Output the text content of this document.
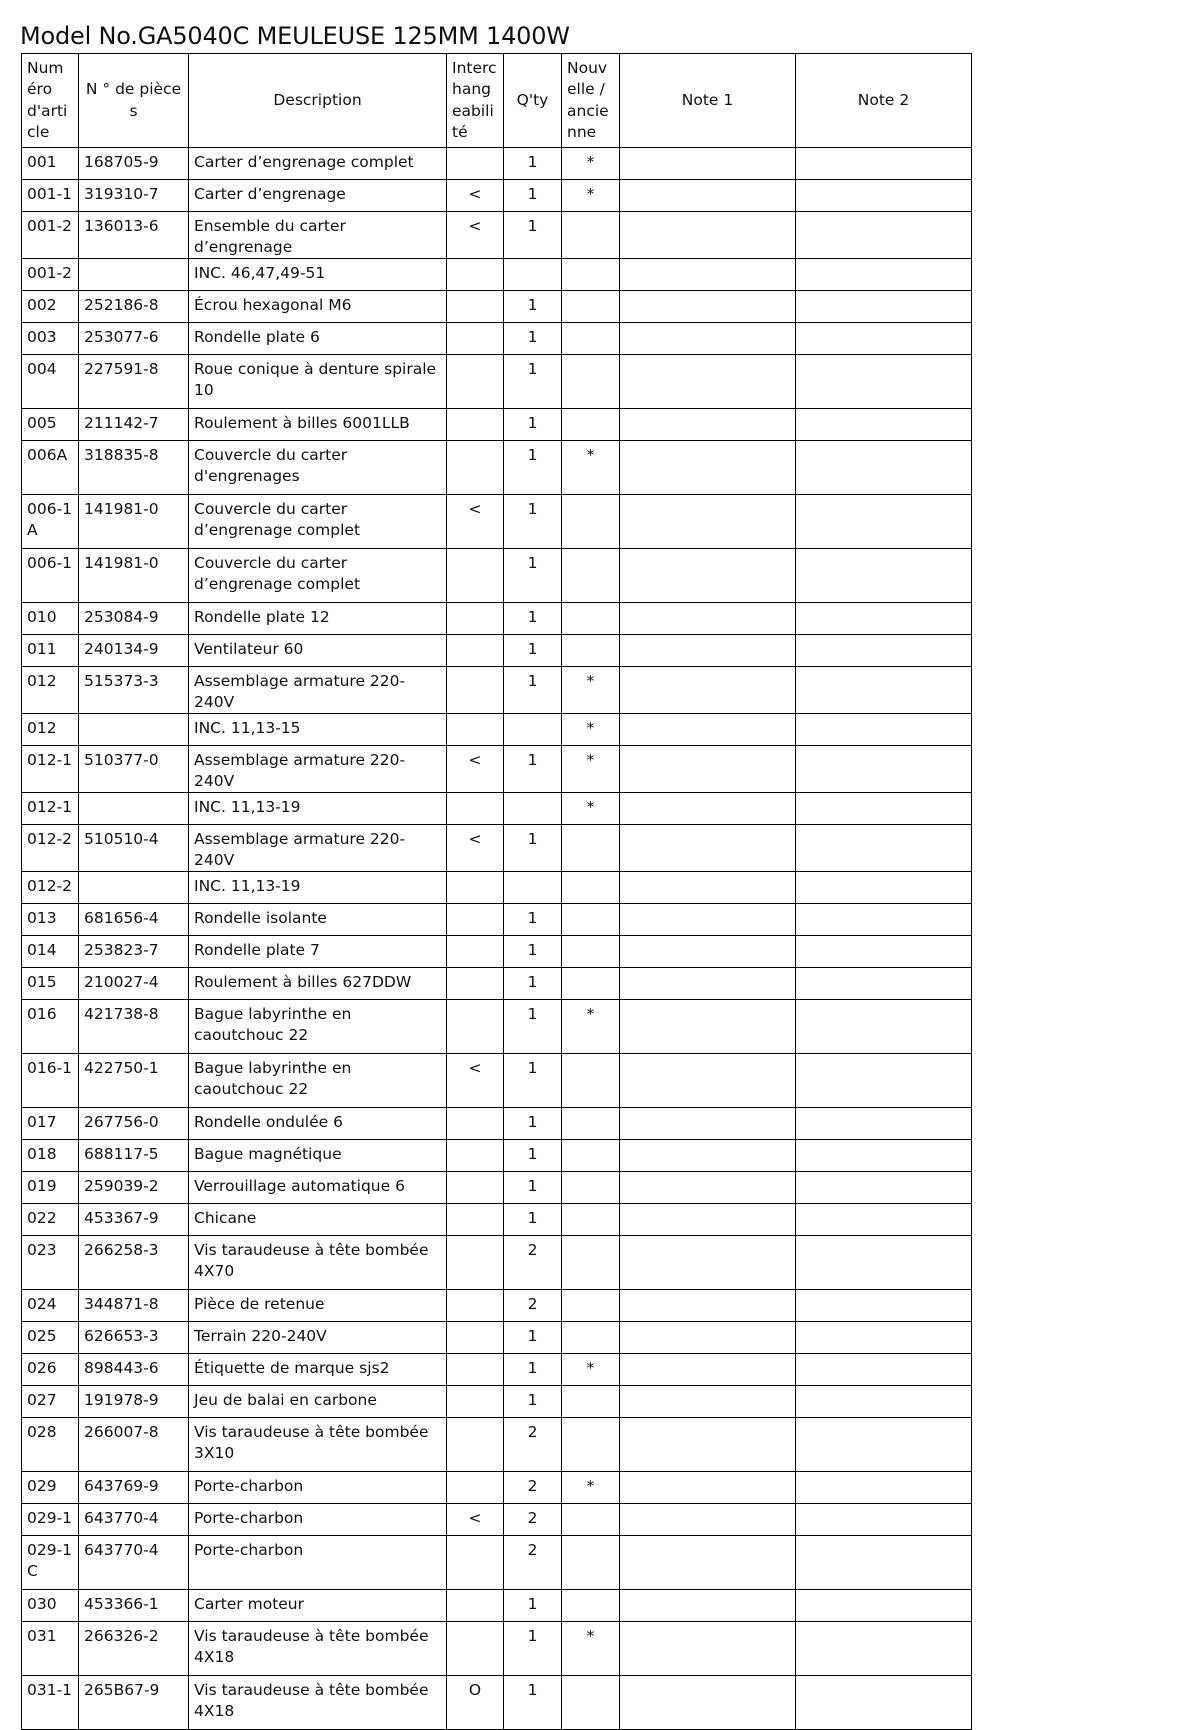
Model No.GA5040C MEULEUSE 125MM 1400W
Numéro d'article	N ° de pièces	Description	Interchangeabilité	Q'ty	Nouvelle / ancienne	Note 1	Note 2
001	168705-9	Carter d’engrenage complet		1	*		
001-1	319310-7	Carter d’engrenage	<	1	*		
001-2	136013-6	Ensemble du carter d’engrenage	<	1			
001-2		INC. 46,47,49-51					
002	252186-8	Écrou hexagonal M6		1			
003	253077-6	Rondelle plate 6		1			
004	227591-8	Roue conique à denture spirale 10		1			
005	211142-7	Roulement à billes 6001LLB		1			
006A	318835-8	Couvercle du carter d'engrenages		1	*		
006-1A	141981-0	Couvercle du carter d’engrenage complet	<	1			
006-1	141981-0	Couvercle du carter d’engrenage complet		1			
010	253084-9	Rondelle plate 12		1			
011	240134-9	Ventilateur 60		1			
012	515373-3	Assemblage armature 220-240V		1	*		
012		INC. 11,13-15			*		
012-1	510377-0	Assemblage armature 220-240V	<	1	*		
012-1		INC. 11,13-19			*		
012-2	510510-4	Assemblage armature 220-240V	<	1			
012-2		INC. 11,13-19					
013	681656-4	Rondelle isolante		1			
014	253823-7	Rondelle plate 7		1			
015	210027-4	Roulement à billes 627DDW		1			
016	421738-8	Bague labyrinthe en caoutchouc 22		1	*		
016-1	422750-1	Bague labyrinthe en caoutchouc 22	<	1			
017	267756-0	Rondelle ondulée 6		1			
018	688117-5	Bague magnétique		1			
019	259039-2	Verrouillage automatique 6		1			
022	453367-9	Chicane		1			
023	266258-3	Vis taraudeuse à tête bombée 4X70		2			
024	344871-8	Pièce de retenue		2			
025	626653-3	Terrain 220-240V		1			
026	898443-6	Étiquette de marque sjs2		1	*		
027	191978-9	Jeu de balai en carbone		1			
028	266007-8	Vis taraudeuse à tête bombée 3X10		2			
029	643769-9	Porte-charbon		2	*		
029-1	643770-4	Porte-charbon	<	2			
029-1C	643770-4	Porte-charbon		2			
030	453366-1	Carter moteur		1			
031	266326-2	Vis taraudeuse à tête bombée 4X18		1	*		
031-1	265B67-9	Vis taraudeuse à tête bombée 4X18	O	1			
